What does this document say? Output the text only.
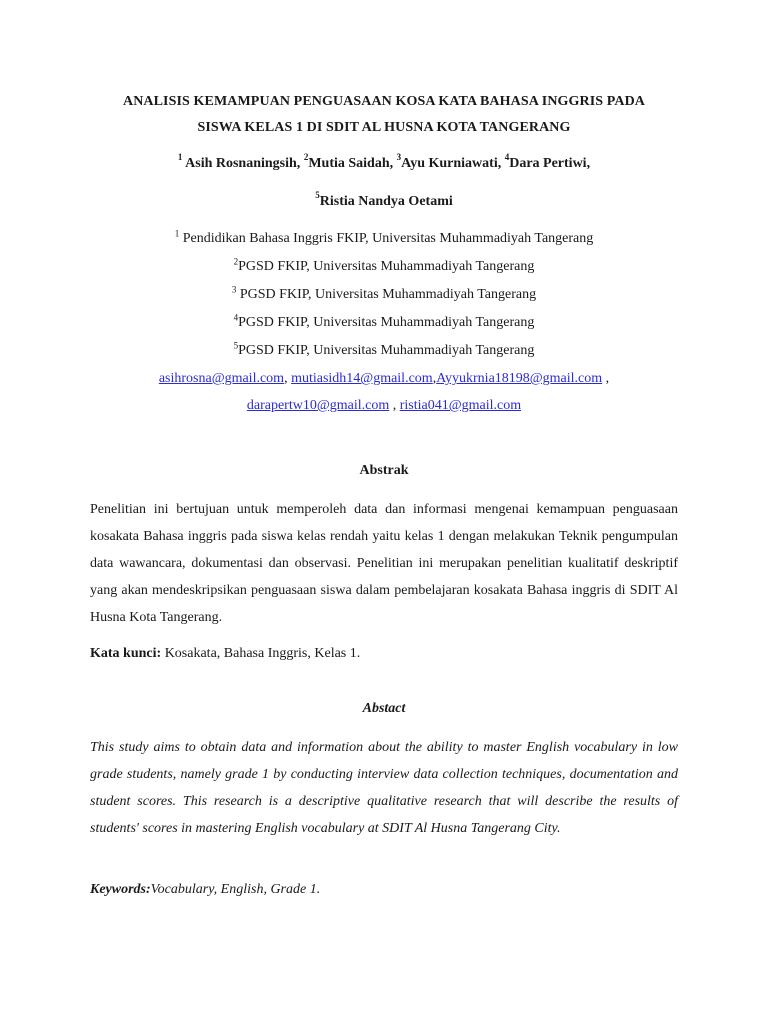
ANALISIS KEMAMPUAN PENGUASAAN KOSA KATA BAHASA INGGRIS PADA
SISWA KELAS 1 DI SDIT AL HUSNA KOTA TANGERANG
$^1$ Asih Rosnaningsih, $^2$Mutia Saidah, $^3$Ayu Kurniawati, $^4$Dara Pertiwi,
$^5$Ristia Nandya Oetami
$^1$ Pendidikan Bahasa Inggris FKIP, Universitas Muhammadiyah Tangerang
$^2$PGSD FKIP, Universitas Muhammadiyah Tangerang
$^3$ PGSD FKIP, Universitas Muhammadiyah Tangerang
$^4$PGSD FKIP, Universitas Muhammadiyah Tangerang
$^5$PGSD FKIP, Universitas Muhammadiyah Tangerang
asihrosna@gmail.com, mutiasidh14@gmail.com,Ayyukrnia18198@gmail.com ,
darapertw10@gmail.com , ristia041@gmail.com
Abstrak
Penelitian ini bertujuan untuk memperoleh data dan informasi mengenai kemampuan penguasaan kosakata Bahasa inggris pada siswa kelas rendah yaitu kelas 1 dengan melakukan Teknik pengumpulan data wawancara, dokumentasi dan observasi. Penelitian ini merupakan penelitian kualitatif deskriptif yang akan mendeskripsikan penguasaan siswa dalam pembelajaran kosakata Bahasa inggris di SDIT Al Husna Kota Tangerang.
Kata kunci: Kosakata, Bahasa Inggris, Kelas 1.
Abstact
This study aims to obtain data and information about the ability to master English vocabulary in low grade students, namely grade 1 by conducting interview data collection techniques, documentation and student scores. This research is a descriptive qualitative research that will describe the results of students' scores in mastering English vocabulary at SDIT Al Husna Tangerang City.
Keywords:Vocabulary, English, Grade 1.
